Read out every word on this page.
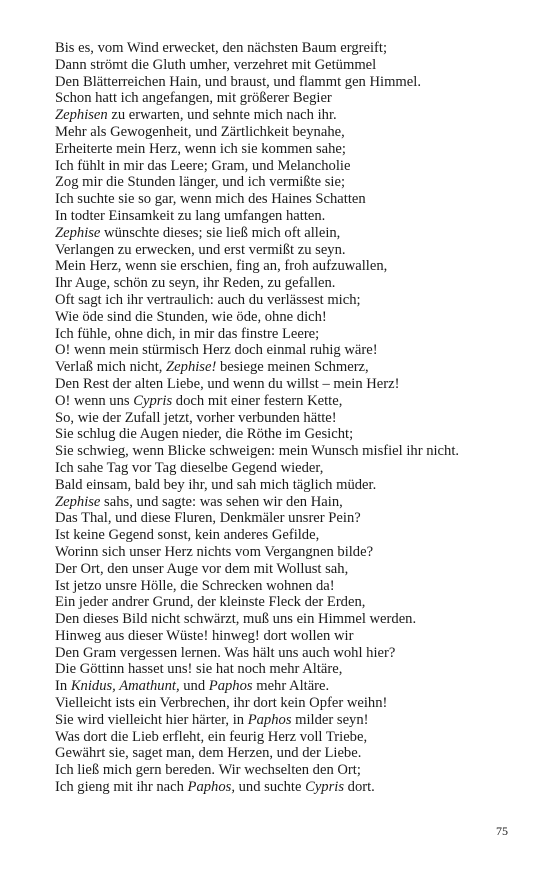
Bis es, vom Wind erwecket, den nächsten Baum ergreift;
Dann strömt die Gluth umher, verzehret mit Getümmel
Den Blätterreichen Hain, und braust, und flammt gen Himmel.
Schon hatt ich angefangen, mit größerer Begier
Zephisen zu erwarten, und sehnte mich nach ihr.
Mehr als Gewogenheit, und Zärtlichkeit beynahe,
Erheiterte mein Herz, wenn ich sie kommen sahe;
Ich fühlt in mir das Leere; Gram, und Melancholie
Zog mir die Stunden länger, und ich vermißte sie;
Ich suchte sie so gar, wenn mich des Haines Schatten
In todter Einsamkeit zu lang umfangen hatten.
Zephise wünschte dieses; sie ließ mich oft allein,
Verlangen zu erwecken, und erst vermißt zu seyn.
Mein Herz, wenn sie erschien, fing an, froh aufzuwallen,
Ihr Auge, schön zu seyn, ihr Reden, zu gefallen.
Oft sagt ich ihr vertraulich: auch du verlässest mich;
Wie öde sind die Stunden, wie öde, ohne dich!
Ich fühle, ohne dich, in mir das finstre Leere;
O! wenn mein stürmisch Herz doch einmal ruhig wäre!
Verlaß mich nicht, Zephise! besiege meinen Schmerz,
Den Rest der alten Liebe, und wenn du willst – mein Herz!
O! wenn uns Cypris doch mit einer festern Kette,
So, wie der Zufall jetzt, vorher verbunden hätte!
Sie schlug die Augen nieder, die Röthe im Gesicht;
Sie schwieg, wenn Blicke schweigen: mein Wunsch misfiel ihr nicht.
Ich sahe Tag vor Tag dieselbe Gegend wieder,
Bald einsam, bald bey ihr, und sah mich täglich müder.
Zephise sahs, und sagte: was sehen wir den Hain,
Das Thal, und diese Fluren, Denkmäler unsrer Pein?
Ist keine Gegend sonst, kein anderes Gefilde,
Worinn sich unser Herz nichts vom Vergangnen bilde?
Der Ort, den unser Auge vor dem mit Wollust sah,
Ist jetzo unsre Hölle, die Schrecken wohnen da!
Ein jeder andrer Grund, der kleinste Fleck der Erden,
Den dieses Bild nicht schwärzt, muß uns ein Himmel werden.
Hinweg aus dieser Wüste! hinweg! dort wollen wir
Den Gram vergessen lernen. Was hält uns auch wohl hier?
Die Göttinn hasset uns! sie hat noch mehr Altäre,
In Knidus, Amathunt, und Paphos mehr Altäre.
Vielleicht ists ein Verbrechen, ihr dort kein Opfer weihn!
Sie wird vielleicht hier härter, in Paphos milder seyn!
Was dort die Lieb erfleht, ein feurig Herz voll Triebe,
Gewährt sie, saget man, dem Herzen, und der Liebe.
Ich ließ mich gern bereden. Wir wechselten den Ort;
Ich gieng mit ihr nach Paphos, und suchte Cypris dort.
75
